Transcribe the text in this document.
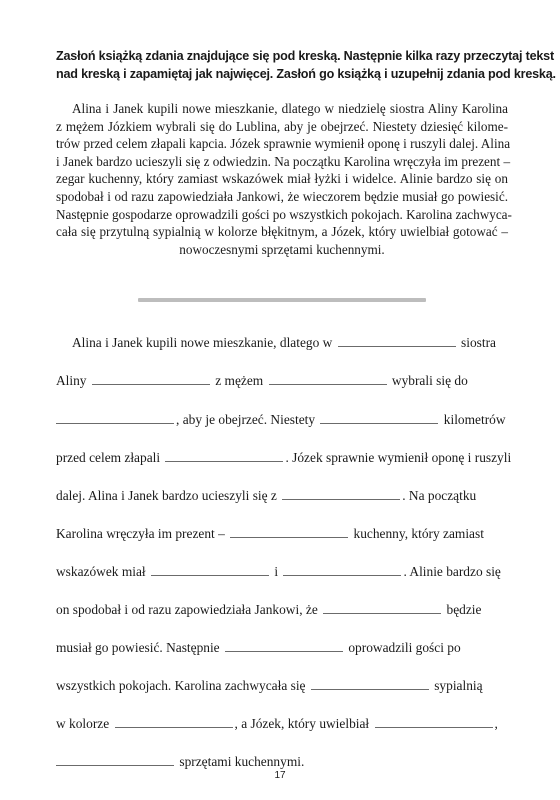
Zasłoń książką zdania znajdujące się pod kreską. Następnie kilka razy przeczytaj tekst
nad kreską i zapamiętaj jak najwięcej. Zasłoń go książką i uzupełnij zdania pod kreską.
Alina i Janek kupili nowe mieszkanie, dlatego w niedzielę siostra Aliny Karolina
z mężem Józkiem wybrali się do Lublina, aby je obejrzeć. Niestety dziesięć kilome-
trów przed celem złapali kapcia. Józek sprawnie wymienił oponę i ruszyli dalej. Alina
i Janek bardzo ucieszyli się z odwiedzin. Na początku Karolina wręczyła im prezent –
zegar kuchenny, który zamiast wskazówek miał łyżki i widelce. Alinie bardzo się on
spodobał i od razu zapowiedziała Jankowi, że wieczorem będzie musiał go powiesić.
Następnie gospodarze oprowadzili gości po wszystkich pokojach. Karolina zachwyca-
cała się przytulną sypialnią w kolorze błękitnym, a Józek, który uwielbiał gotować –
nowoczesnymi sprzętami kuchennymi.
Alina i Janek kupili nowe mieszkanie, dlatego w	siostra
Aliny	z mężem	wybrali się do
, aby je obejrzeć. Niestety	kilometrów
przed celem złapali	. Józek sprawnie wymienił oponę i ruszyli
dalej. Alina i Janek bardzo ucieszyli się z	. Na początku
Karolina wręczyła im prezent –	kuchenny, który zamiast
wskazówek miał	i	. Alinie bardzo się
on spodobał i od razu zapowiedziała Jankowi, że	będzie
musiał go powiesić. Następnie	oprowadzili gości po
wszystkich pokojach. Karolina zachwycała się	sypialnią
w kolorze	, a Józek, który uwielbiał	,
sprzętami kuchennymi.
17
